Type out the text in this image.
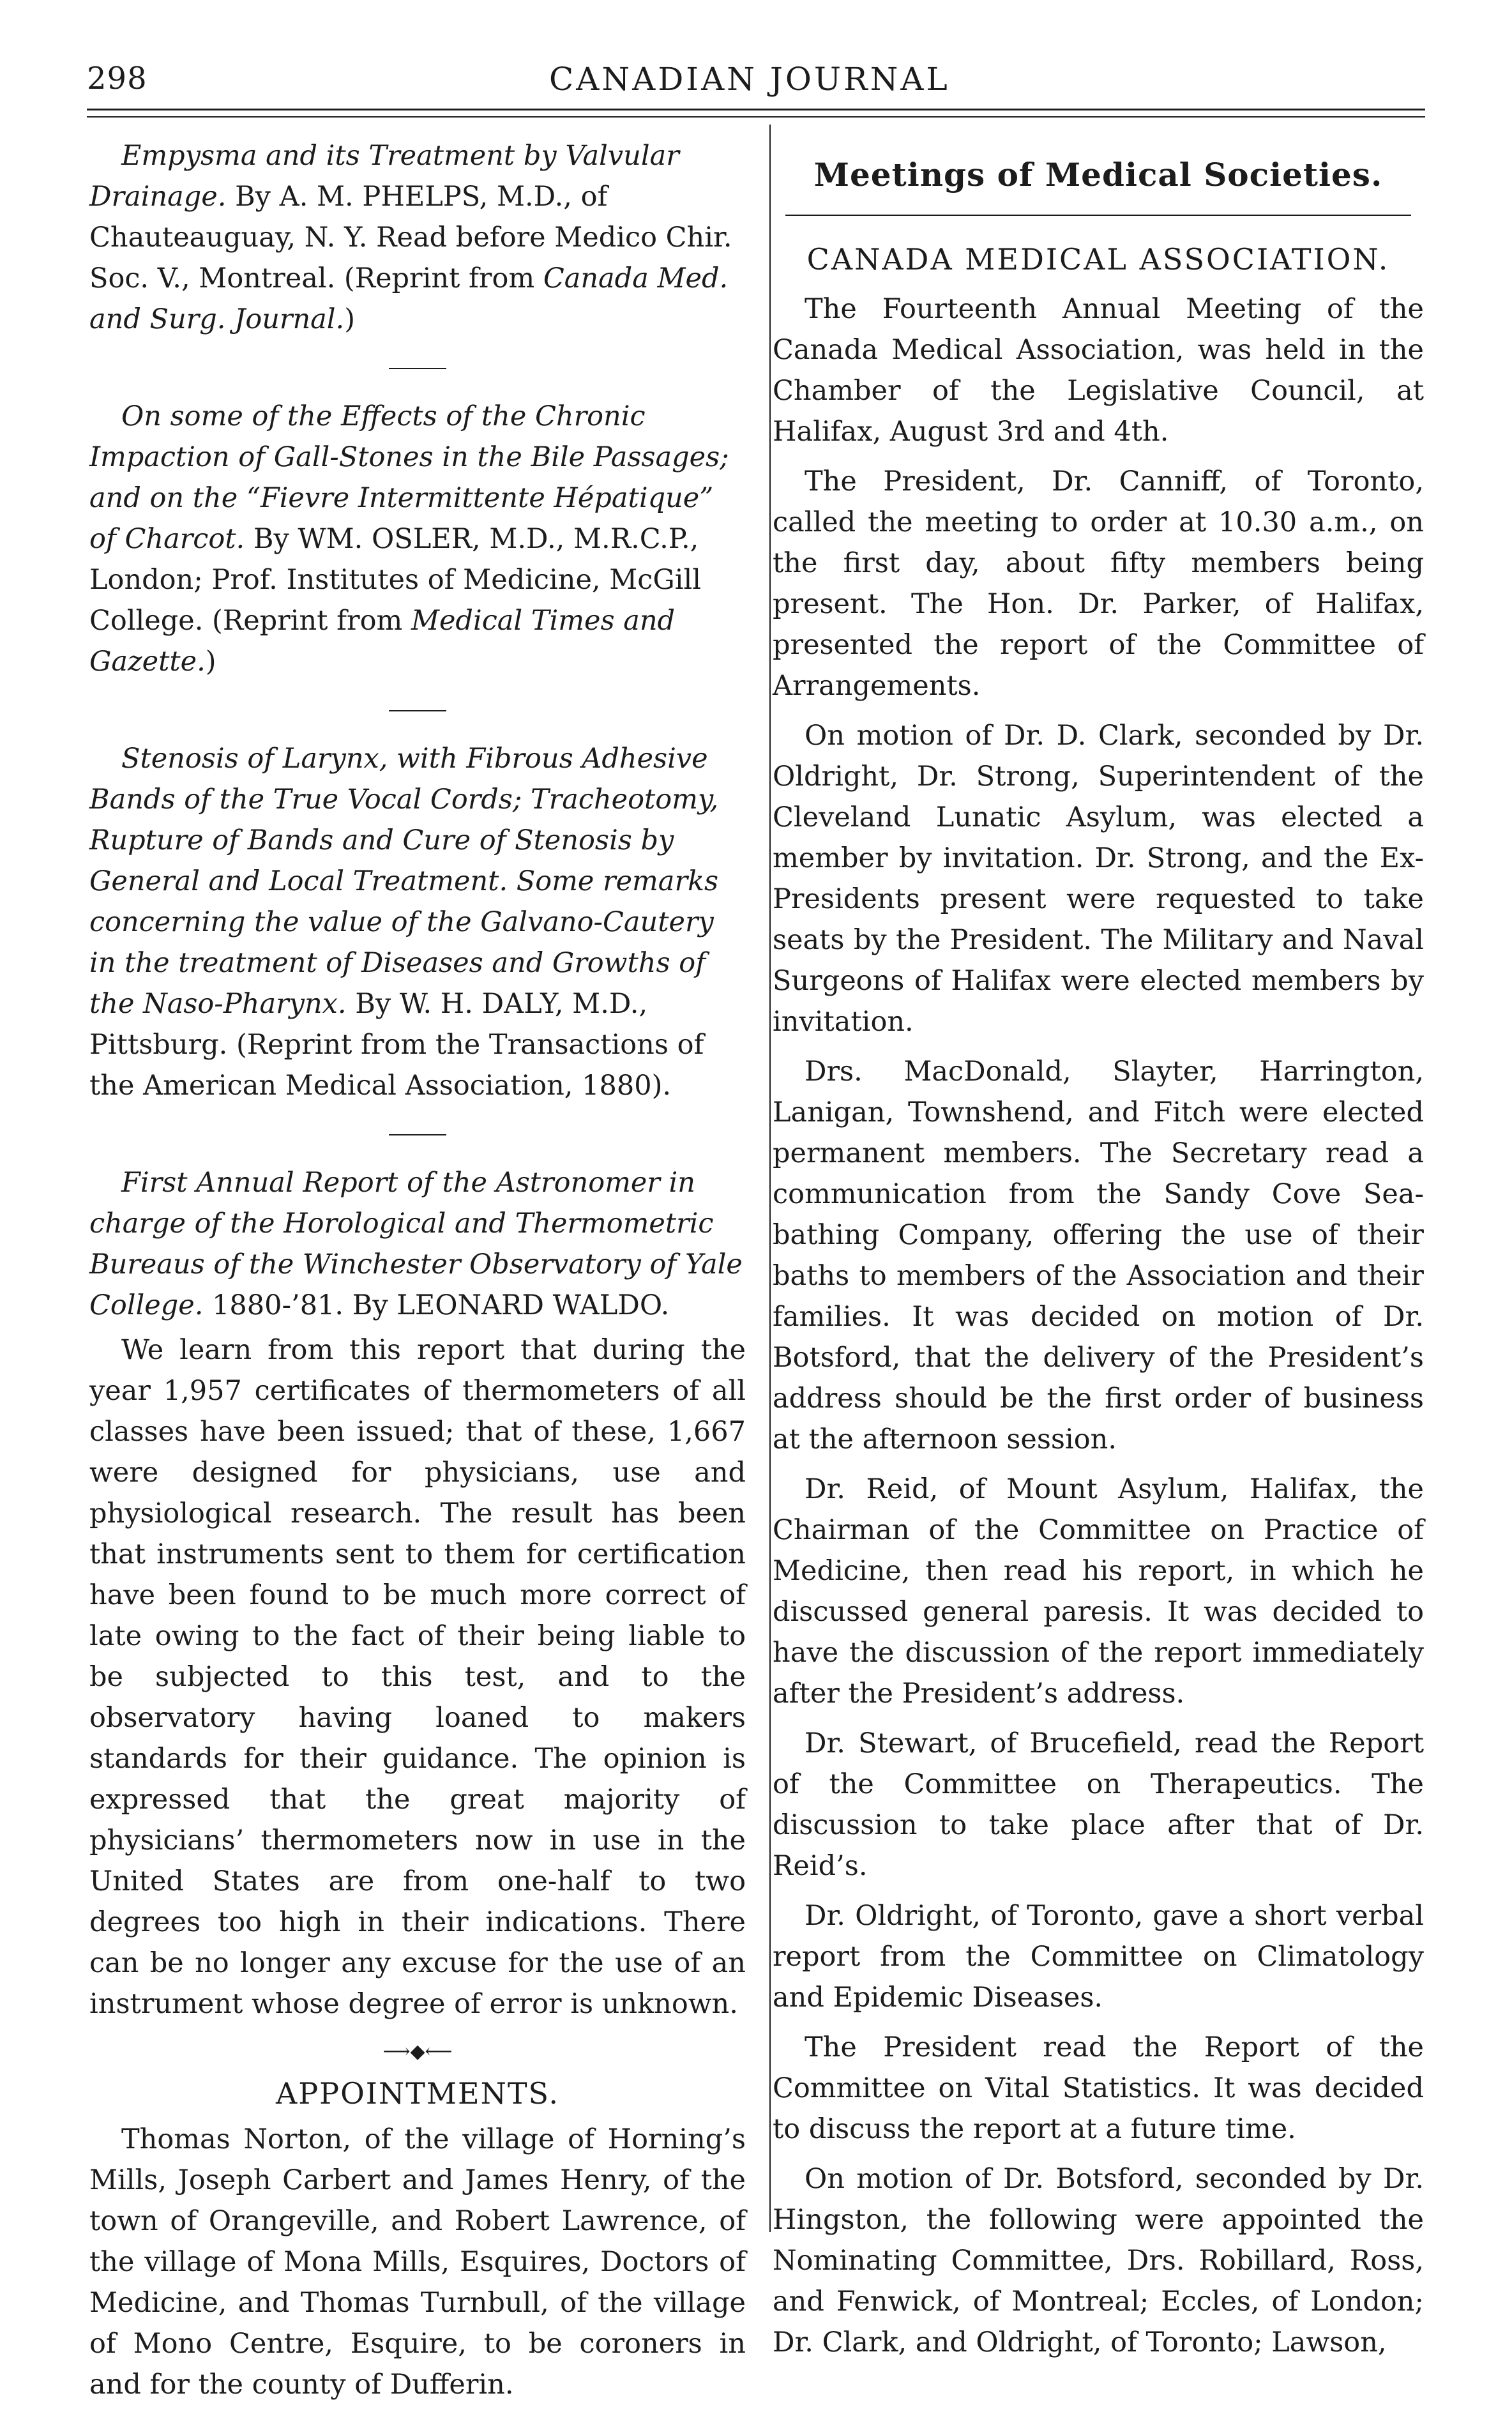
298	CANADIAN JOURNAL

Empysma and its Treatment by Valvular Drainage. By A. M. PHELPS, M.D., of Chauteauguay, N. Y. Read before Medico Chir. Soc. V., Montreal. (Reprint from Canada Med. and Surg. Journal.)

On some of the Effects of the Chronic Impaction of Gall-Stones in the Bile Passages; and on the “Fievre Intermittente Hépatique” of Charcot. By WM. OSLER, M.D., M.R.C.P., London; Prof. Institutes of Medicine, McGill College. (Reprint from Medical Times and Gazette.)

Stenosis of Larynx, with Fibrous Adhesive Bands of the True Vocal Cords; Tracheotomy, Rupture of Bands and Cure of Stenosis by General and Local Treatment. Some remarks concerning the value of the Galvano-Cautery in the treatment of Diseases and Growths of the Naso-Pharynx. By W. H. DALY, M.D., Pittsburg. (Reprint from the Transactions of the American Medical Association, 1880).

First Annual Report of the Astronomer in charge of the Horological and Thermometric Bureaus of the Winchester Observatory of Yale College. 1880-’81. By LEONARD WALDO.

We learn from this report that during the year 1,957 certificates of thermometers of all classes have been issued; that of these, 1,667 were designed for physicians, use and physiological research. The result has been that instruments sent to them for certification have been found to be much more correct of late owing to the fact of their being liable to be subjected to this test, and to the observatory having loaned to makers standards for their guidance. The opinion is expressed that the great majority of physicians’ thermometers now in use in the United States are from one-half to two degrees too high in their indications. There can be no longer any excuse for the use of an instrument whose degree of error is unknown.

⟶◆⟵
APPOINTMENTS.

Thomas Norton, of the village of Horning’s Mills, Joseph Carbert and James Henry, of the town of Orangeville, and Robert Lawrence, of the village of Mona Mills, Esquires, Doctors of Medicine, and Thomas Turnbull, of the village of Mono Centre, Esquire, to be coroners in and for the county of Dufferin.

Meetings of Medical Societies.
CANADA MEDICAL ASSOCIATION.

The Fourteenth Annual Meeting of the Canada Medical Association, was held in the Chamber of the Legislative Council, at Halifax, August 3rd and 4th.

The President, Dr. Canniff, of Toronto, called the meeting to order at 10.30 a.m., on the first day, about fifty members being present. The Hon. Dr. Parker, of Halifax, presented the report of the Committee of Arrangements.

On motion of Dr. D. Clark, seconded by Dr. Oldright, Dr. Strong, Superintendent of the Cleveland Lunatic Asylum, was elected a member by invitation. Dr. Strong, and the Ex-Presidents present were requested to take seats by the President. The Military and Naval Surgeons of Halifax were elected members by invitation.

Drs. MacDonald, Slayter, Harrington, Lanigan, Townshend, and Fitch were elected permanent members. The Secretary read a communication from the Sandy Cove Sea-bathing Company, offering the use of their baths to members of the Association and their families. It was decided on motion of Dr. Botsford, that the delivery of the President’s address should be the first order of business at the afternoon session.

Dr. Reid, of Mount Asylum, Halifax, the Chairman of the Committee on Practice of Medicine, then read his report, in which he discussed general paresis. It was decided to have the discussion of the report immediately after the President’s address.

Dr. Stewart, of Brucefield, read the Report of the Committee on Therapeutics. The discussion to take place after that of Dr. Reid’s.

Dr. Oldright, of Toronto, gave a short verbal report from the Committee on Climatology and Epidemic Diseases.

The President read the Report of the Committee on Vital Statistics. It was decided to discuss the report at a future time.

On motion of Dr. Botsford, seconded by Dr. Hingston, the following were appointed the Nominating Committee, Drs. Robillard, Ross, and Fenwick, of Montreal; Eccles, of London; Dr. Clark, and Oldright, of Toronto; Lawson,
